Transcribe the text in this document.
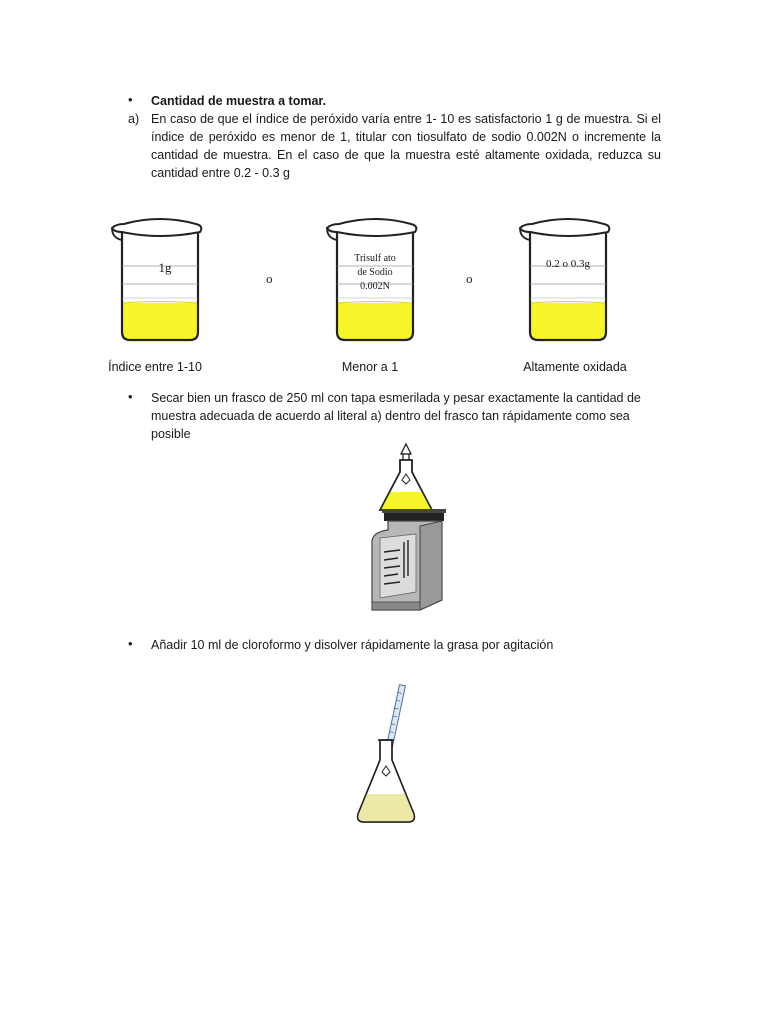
• Cantidad de muestra a tomar.
a) En caso de que el índice de peróxido varía entre 1- 10 es satisfactorio 1 g de muestra. Si el índice de peróxido es menor de 1, titular con tiosulfato de sodio 0.002N o incremente la cantidad de muestra. En el caso de que la muestra esté altamente oxidada, reduzca su cantidad entre 0.2 - 0.3 g
1g
Trisulf ato
de Sodio
0.002N
0.2 o 0.3g
o	o
Índice entre 1-10	Menor a 1	Altamente oxidada
• Secar bien un frasco de 250 ml con tapa esmerilada y pesar exactamente la cantidad de muestra adecuada de acuerdo al literal a) dentro del frasco tan rápidamente como sea posible
• Añadir 10 ml de cloroformo y disolver rápidamente la grasa por agitación
